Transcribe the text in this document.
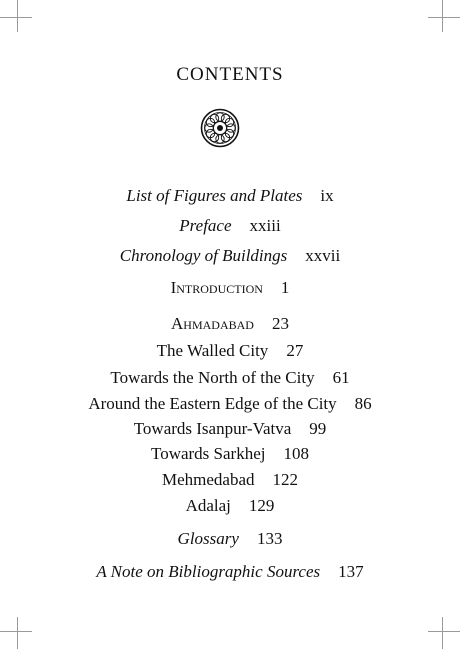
CONTENTS
List of Figures and Plates ix
Preface xxiii
Chronology of Buildings xxvii
Introduction 1
Ahmadabad 23
The Walled City 27
Towards the North of the City 61
Around the Eastern Edge of the City 86
Towards Isanpur-Vatva 99
Towards Sarkhej 108
Mehmedabad 122
Adalaj 129
Glossary 133
A Note on Bibliographic Sources 137
